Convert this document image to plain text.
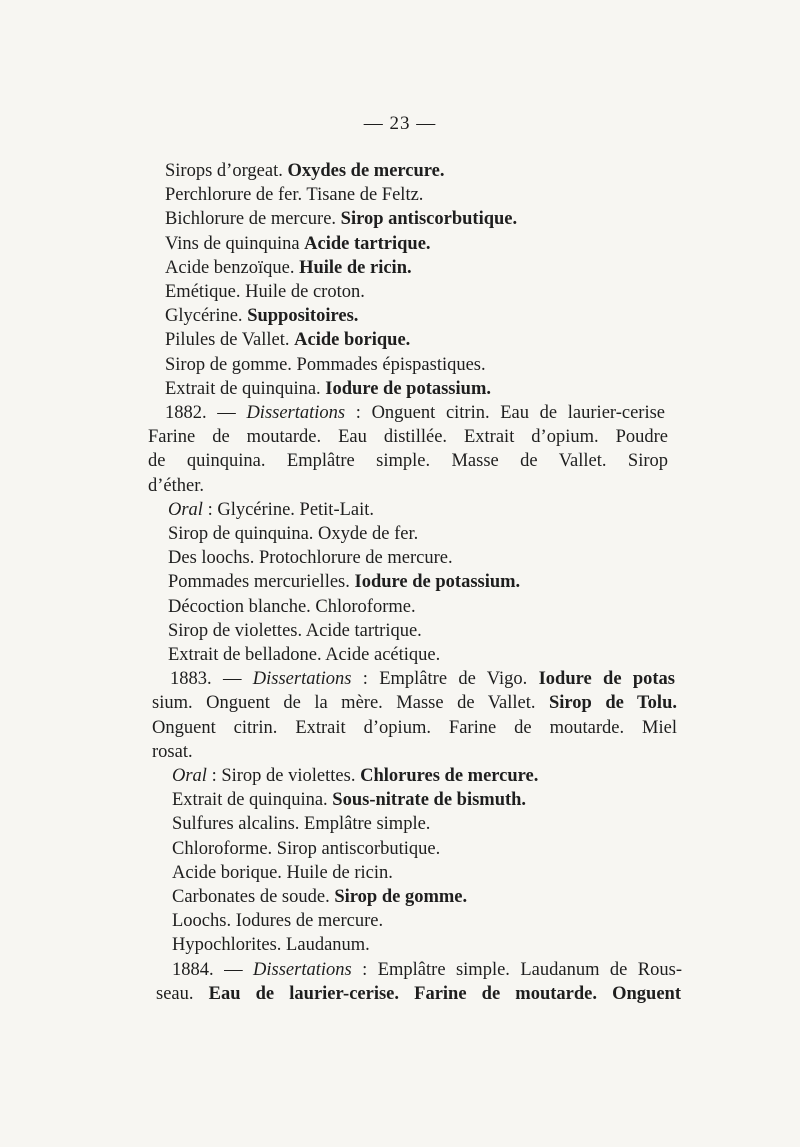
— 23 —
Sirops d’orgeat. Oxydes de mercure.
Perchlorure de fer. Tisane de Feltz.
Bichlorure de mercure. Sirop antiscorbutique.
Vins de quinquina Acide tartrique.
Acide benzoïque. Huile de ricin.
Emétique. Huile de croton.
Glycérine. Suppositoires.
Pilules de Vallet. Acide borique.
Sirop de gomme. Pommades épispastiques.
Extrait de quinquina. Iodure de potassium.
1882. — Dissertations : Onguent citrin. Eau de laurier-cerise
Farine de moutarde. Eau distillée. Extrait d’opium. Poudre
de quinquina. Emplâtre simple. Masse de Vallet. Sirop
d’éther.
Oral : Glycérine. Petit-Lait.
Sirop de quinquina. Oxyde de fer.
Des loochs. Protochlorure de mercure.
Pommades mercurielles. Iodure de potassium.
Décoction blanche. Chloroforme.
Sirop de violettes. Acide tartrique.
Extrait de belladone. Acide acétique.
1883. — Dissertations : Emplâtre de Vigo. Iodure de potas
sium. Onguent de la mère. Masse de Vallet. Sirop de Tolu.
Onguent citrin. Extrait d’opium. Farine de moutarde. Miel
rosat.
Oral : Sirop de violettes. Chlorures de mercure.
Extrait de quinquina. Sous-nitrate de bismuth.
Sulfures alcalins. Emplâtre simple.
Chloroforme. Sirop antiscorbutique.
Acide borique. Huile de ricin.
Carbonates de soude. Sirop de gomme.
Loochs. Iodures de mercure.
Hypochlorites. Laudanum.
1884. — Dissertations : Emplâtre simple. Laudanum de Rous-
seau. Eau de laurier-cerise. Farine de moutarde. Onguent
